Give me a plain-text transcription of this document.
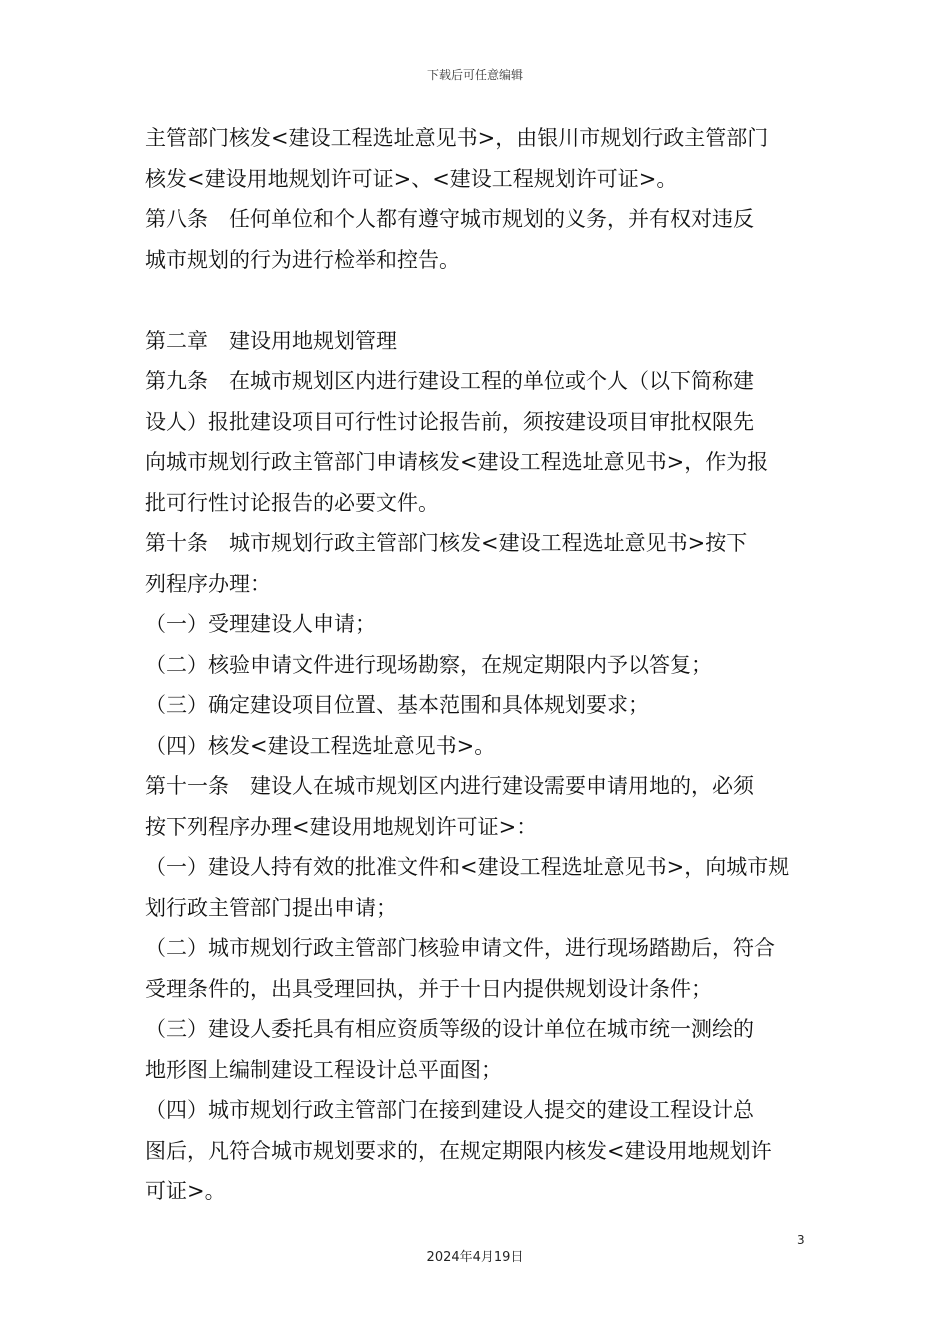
下载后可任意编辑

主管部门核发<建设工程选址意见书>，由银川市规划行政主管部门

核发<建设用地规划许可证>、<建设工程规划许可证>。

第八条　任何单位和个人都有遵守城市规划的义务，并有权对违反

城市规划的行为进行检举和控告。

第二章　建设用地规划管理

第九条　在城市规划区内进行建设工程的单位或个人（以下简称建

设人）报批建设项目可行性讨论报告前，须按建设项目审批权限先

向城市规划行政主管部门申请核发<建设工程选址意见书>，作为报

批可行性讨论报告的必要文件。

第十条　城市规划行政主管部门核发<建设工程选址意见书>按下

列程序办理：

（一）受理建设人申请；

（二）核验申请文件进行现场勘察，在规定期限内予以答复；

（三）确定建设项目位置、基本范围和具体规划要求；

（四）核发<建设工程选址意见书>。

第十一条　建设人在城市规划区内进行建设需要申请用地的，必须

按下列程序办理<建设用地规划许可证>：

（一）建设人持有效的批准文件和<建设工程选址意见书>，向城市规

划行政主管部门提出申请；

（二）城市规划行政主管部门核验申请文件，进行现场踏勘后，符合

受理条件的，出具受理回执，并于十日内提供规划设计条件；

（三）建设人委托具有相应资质等级的设计单位在城市统一测绘的

地形图上编制建设工程设计总平面图；

（四）城市规划行政主管部门在接到建设人提交的建设工程设计总

图后，凡符合城市规划要求的，在规定期限内核发<建设用地规划许

可证>。

3
2024年4月19日
